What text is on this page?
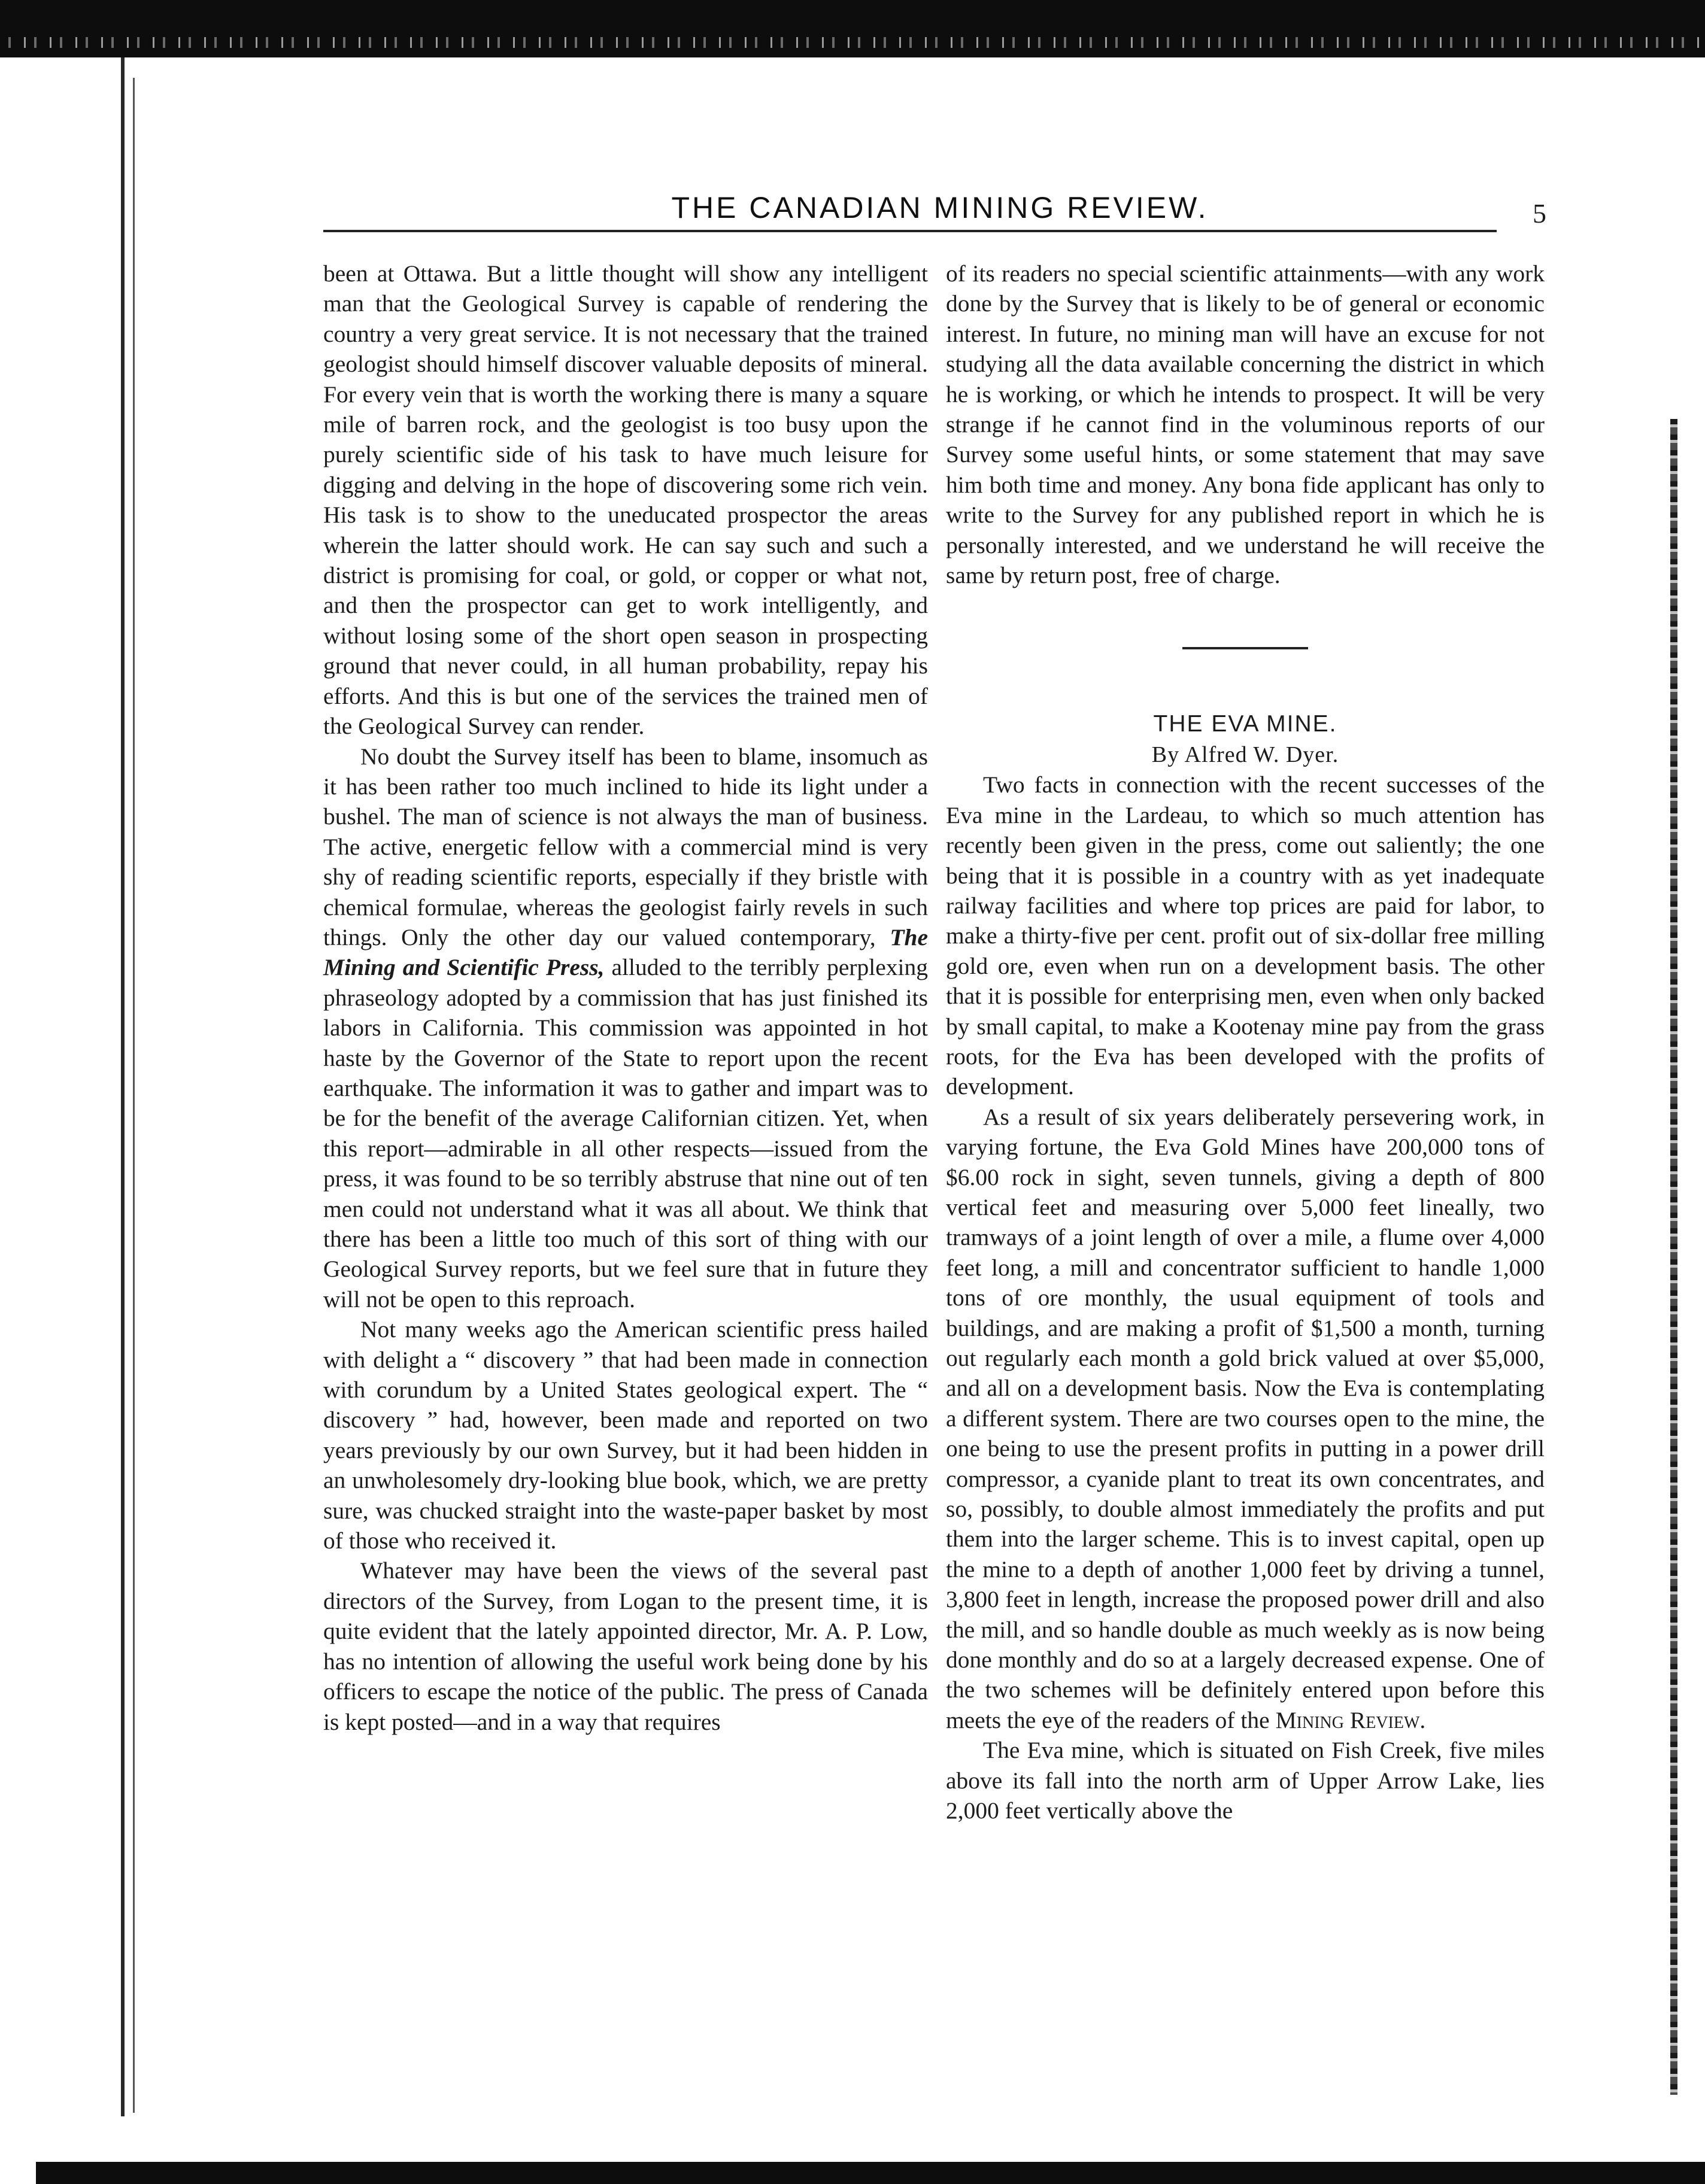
THE CANADIAN MINING REVIEW.	5

been at Ottawa. But a little thought will show any intelligent man that the Geological Survey is capable of rendering the country a very great service. It is not necessary that the trained geologist should himself discover valuable deposits of mineral. For every vein that is worth the working there is many a square mile of barren rock, and the geologist is too busy upon the purely scientific side of his task to have much leisure for digging and delving in the hope of discovering some rich vein. His task is to show to the uneducated prospector the areas wherein the latter should work. He can say such and such a district is promising for coal, or gold, or copper or what not, and then the prospector can get to work intelligently, and without losing some of the short open season in prospecting ground that never could, in all human probability, repay his efforts. And this is but one of the services the trained men of the Geological Survey can render.

No doubt the Survey itself has been to blame, insomuch as it has been rather too much inclined to hide its light under a bushel. The man of science is not always the man of business. The active, energetic fellow with a commercial mind is very shy of reading scientific reports, especially if they bristle with chemical formulae, whereas the geologist fairly revels in such things. Only the other day our valued contemporary, The Mining and Scientific Press, alluded to the terribly perplexing phraseology adopted by a commission that has just finished its labors in California. This commission was appointed in hot haste by the Governor of the State to report upon the recent earthquake. The information it was to gather and impart was to be for the benefit of the average Californian citizen. Yet, when this report—admirable in all other respects—issued from the press, it was found to be so terribly abstruse that nine out of ten men could not understand what it was all about. We think that there has been a little too much of this sort of thing with our Geological Survey reports, but we feel sure that in future they will not be open to this reproach.

Not many weeks ago the American scientific press hailed with delight a “ discovery ” that had been made in connection with corundum by a United States geological expert. The “ discovery ” had, however, been made and reported on two years previously by our own Survey, but it had been hidden in an unwholesomely dry-looking blue book, which, we are pretty sure, was chucked straight into the waste-paper basket by most of those who received it.

Whatever may have been the views of the several past directors of the Survey, from Logan to the present time, it is quite evident that the lately appointed director, Mr. A. P. Low, has no intention of allowing the useful work being done by his officers to escape the notice of the public. The press of Canada is kept posted—and in a way that requires

of its readers no special scientific attainments—with any work done by the Survey that is likely to be of general or economic interest. In future, no mining man will have an excuse for not studying all the data available concerning the district in which he is working, or which he intends to prospect. It will be very strange if he cannot find in the voluminous reports of our Survey some useful hints, or some statement that may save him both time and money. Any bona fide applicant has only to write to the Survey for any published report in which he is personally interested, and we understand he will receive the same by return post, free of charge.

THE EVA MINE.

By Alfred W. Dyer.

Two facts in connection with the recent successes of the Eva mine in the Lardeau, to which so much attention has recently been given in the press, come out saliently; the one being that it is possible in a country with as yet inadequate railway facilities and where top prices are paid for labor, to make a thirty-five per cent. profit out of six-dollar free milling gold ore, even when run on a development basis. The other that it is possible for enterprising men, even when only backed by small capital, to make a Kootenay mine pay from the grass roots, for the Eva has been developed with the profits of development.

As a result of six years deliberately persevering work, in varying fortune, the Eva Gold Mines have 200,000 tons of $6.00 rock in sight, seven tunnels, giving a depth of 800 vertical feet and measuring over 5,000 feet lineally, two tramways of a joint length of over a mile, a flume over 4,000 feet long, a mill and concentrator sufficient to handle 1,000 tons of ore monthly, the usual equipment of tools and buildings, and are making a profit of $1,500 a month, turning out regularly each month a gold brick valued at over $5,000, and all on a development basis. Now the Eva is contemplating a different system. There are two courses open to the mine, the one being to use the present profits in putting in a power drill compressor, a cyanide plant to treat its own concentrates, and so, possibly, to double almost immediately the profits and put them into the larger scheme. This is to invest capital, open up the mine to a depth of another 1,000 feet by driving a tunnel, 3,800 feet in length, increase the proposed power drill and also the mill, and so handle double as much weekly as is now being done monthly and do so at a largely decreased expense. One of the two schemes will be definitely entered upon before this meets the eye of the readers of the Mining Review.

The Eva mine, which is situated on Fish Creek, five miles above its fall into the north arm of Upper Arrow Lake, lies 2,000 feet vertically above the
